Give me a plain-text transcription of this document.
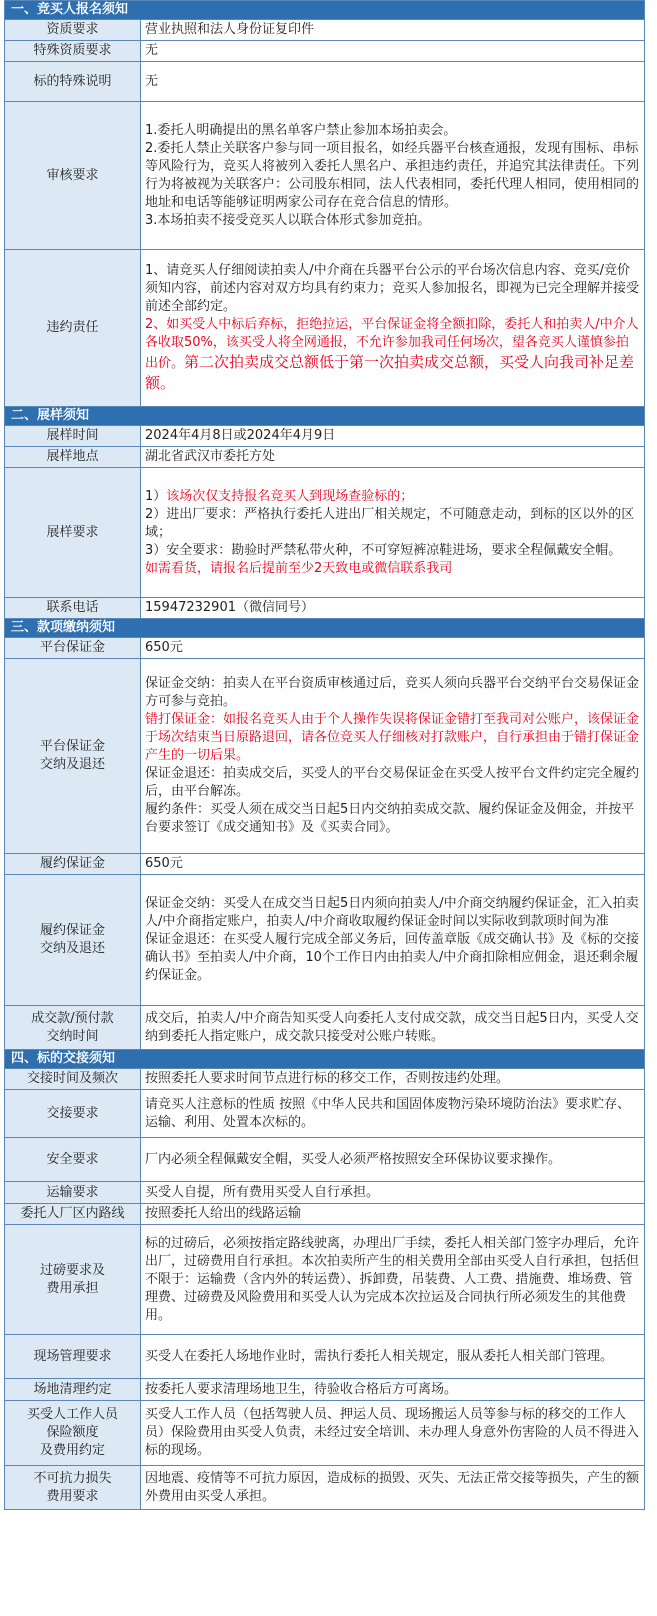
一、竞买人报名须知	
资质要求	营业执照和法人身份证复印件
特殊资质要求	无
标的特殊说明	无
审核要求	1.委托人明确提出的黑名单客户禁止参加本场拍卖会。
2.委托人禁止关联客户参与同一项目报名，如经兵器平台核查通报，发现有围标、串标等风险行为，竞买人将被列入委托人黑名户、承担违约责任，并追究其法律责任。下列行为将被视为关联客户：公司股东相同，法人代表相同，委托代理人相同，使用相同的地址和电话等能够证明两家公司存在竞合信息的情形。
3.本场拍卖不接受竞买人以联合体形式参加竞拍。

违约责任	1、请竞买人仔细阅读拍卖人/中介商在兵器平台公示的平台场次信息内容、竞买/竞价须知内容，前述内容对双方均具有约束力；竞买人参加报名，即视为已完全理解并接受前述全部约定。
2、如买受人中标后弃标，拒绝拉运，平台保证金将全额扣除，委托人和拍卖人/中介人各收取50%，该买受人将全网通报，不允许参加我司任何场次，望各竞买人谨慎参拍出价。第二次拍卖成交总额低于第一次拍卖成交总额，买受人向我司补足差额。

二、展样须知	
展样时间	2024年4月8日或2024年4月9日
展样地点	湖北省武汉市委托方处
展样要求	1）该场次仅支持报名竞买人到现场查验标的；
2）进出厂要求：严格执行委托人进出厂相关规定，不可随意走动，到标的区以外的区域；
3）安全要求：勘验时严禁私带火种，不可穿短裤凉鞋进场，要求全程佩戴安全帽。
如需看货，请报名后提前至少2天致电或微信联系我司

联系电话	15947232901（微信同号）
三、款项缴纳须知	
平台保证金	650元

平台保证金
交纳及退还	保证金交纳：拍卖人在平台资质审核通过后，竞买人须向兵器平台交纳平台交易保证金方可参与竞拍。
错打保证金：如报名竞买人由于个人操作失误将保证金错打至我司对公账户，该保证金于场次结束当日原路退回，请各位竞买人仔细核对打款账户，自行承担由于错打保证金产生的一切后果。
保证金退还：拍卖成交后，买受人的平台交易保证金在买受人按平台文件约定完全履约后，由平台解冻。
履约条件：买受人须在成交当日起5日内交纳拍卖成交款、履约保证金及佣金，并按平台要求签订《成交通知书》及《买卖合同》。

履约保证金	650元

履约保证金
交纳及退还	保证金交纳：买受人在成交当日起5日内须向拍卖人/中介商交纳履约保证金，汇入拍卖人/中介商指定账户，拍卖人/中介商收取履约保证金时间以实际收到款项时间为准
保证金退还：在买受人履行完成全部义务后，回传盖章版《成交确认书》及《标的交接确认书》至拍卖人/中介商，10个工作日内由拍卖人/中介商扣除相应佣金，退还剩余履约保证金。

成交款/预付款
交纳时间	成交后，拍卖人/中介商告知买受人向委托人支付成交款，成交当日起5日内，买受人交纳到委托人指定账户，成交款只接受对公账户转账。
四、标的交接须知	
交接时间及频次	按照委托人要求时间节点进行标的移交工作，否则按违约处理。
交接要求	请竞买人注意标的性质 按照《中华人民共和国固体废物污染环境防治法》要求贮存、运输、利用、处置本次标的。
安全要求	厂内必须全程佩戴安全帽，买受人必须严格按照安全环保协议要求操作。
运输要求	买受人自提，所有费用买受人自行承担。
委托人厂区内路线	按照委托人给出的线路运输

过磅要求及
费用承担	标的过磅后，必须按指定路线驶离，办理出厂手续，委托人相关部门签字办理后，允许出厂，过磅费用自行承担。本次拍卖所产生的相关费用全部由买受人自行承担，包括但不限于：运输费（含内外的转运费）、拆卸费，吊装费、人工费、措施费、堆场费、管理费、过磅费及风险费用和买受人认为完成本次拉运及合同执行所必须发生的其他费用。
现场管理要求	买受人在委托人场地作业时，需执行委托人相关规定，服从委托人相关部门管理。
场地清理约定	按委托人要求清理场地卫生，待验收合格后方可离场。

买受人工作人员
保险额度
及费用约定	买受人工作人员（包括驾驶人员、押运人员、现场搬运人员等参与标的移交的工作人员）保险费用由买受人负责，未经过安全培训、未办理人身意外伤害险的人员不得进入标的现场。

不可抗力损失
费用要求	因地震、疫情等不可抗力原因，造成标的损毁、灭失、无法正常交接等损失，产生的额外费用由买受人承担。
